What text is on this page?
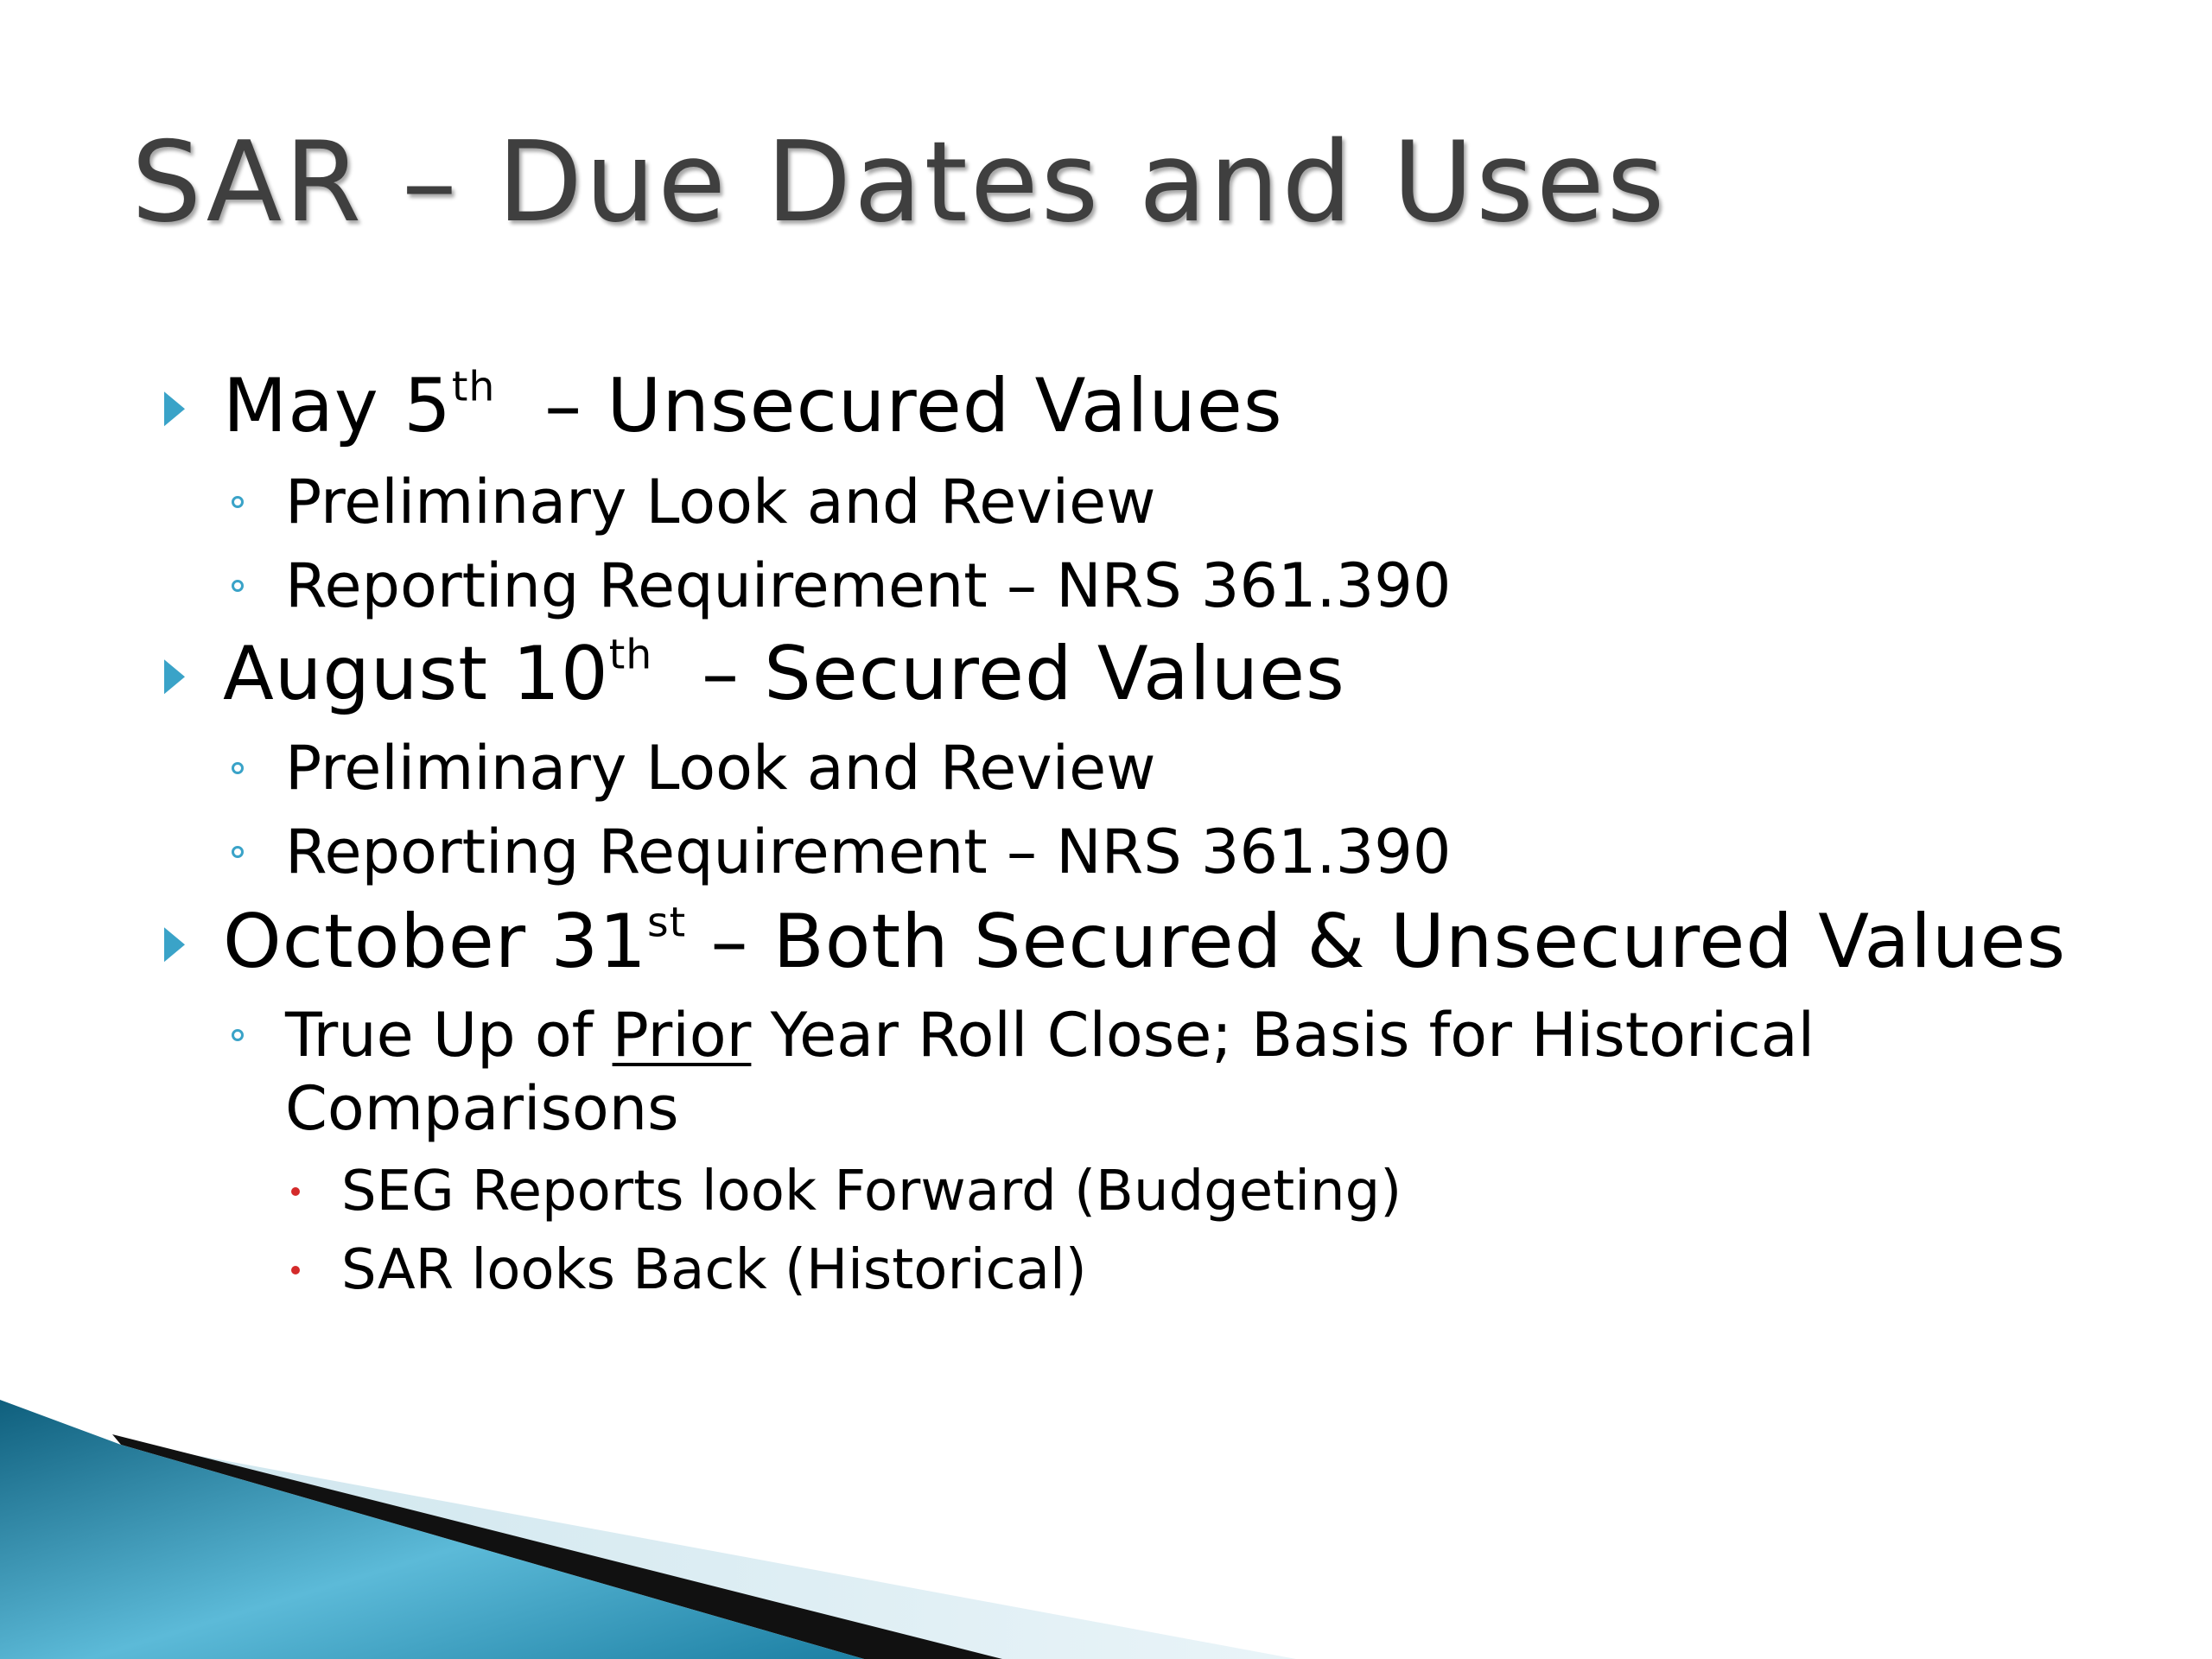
SAR – Due Dates and Uses
May 5th  – Unsecured Values
Preliminary Look and Review
Reporting Requirement – NRS 361.390
August 10th  – Secured Values
Preliminary Look and Review
Reporting Requirement – NRS 361.390
October 31st – Both Secured & Unsecured Values
True Up of Prior Year Roll Close; Basis for Historical
Comparisons
SEG Reports look Forward (Budgeting)
SAR looks Back (Historical)
